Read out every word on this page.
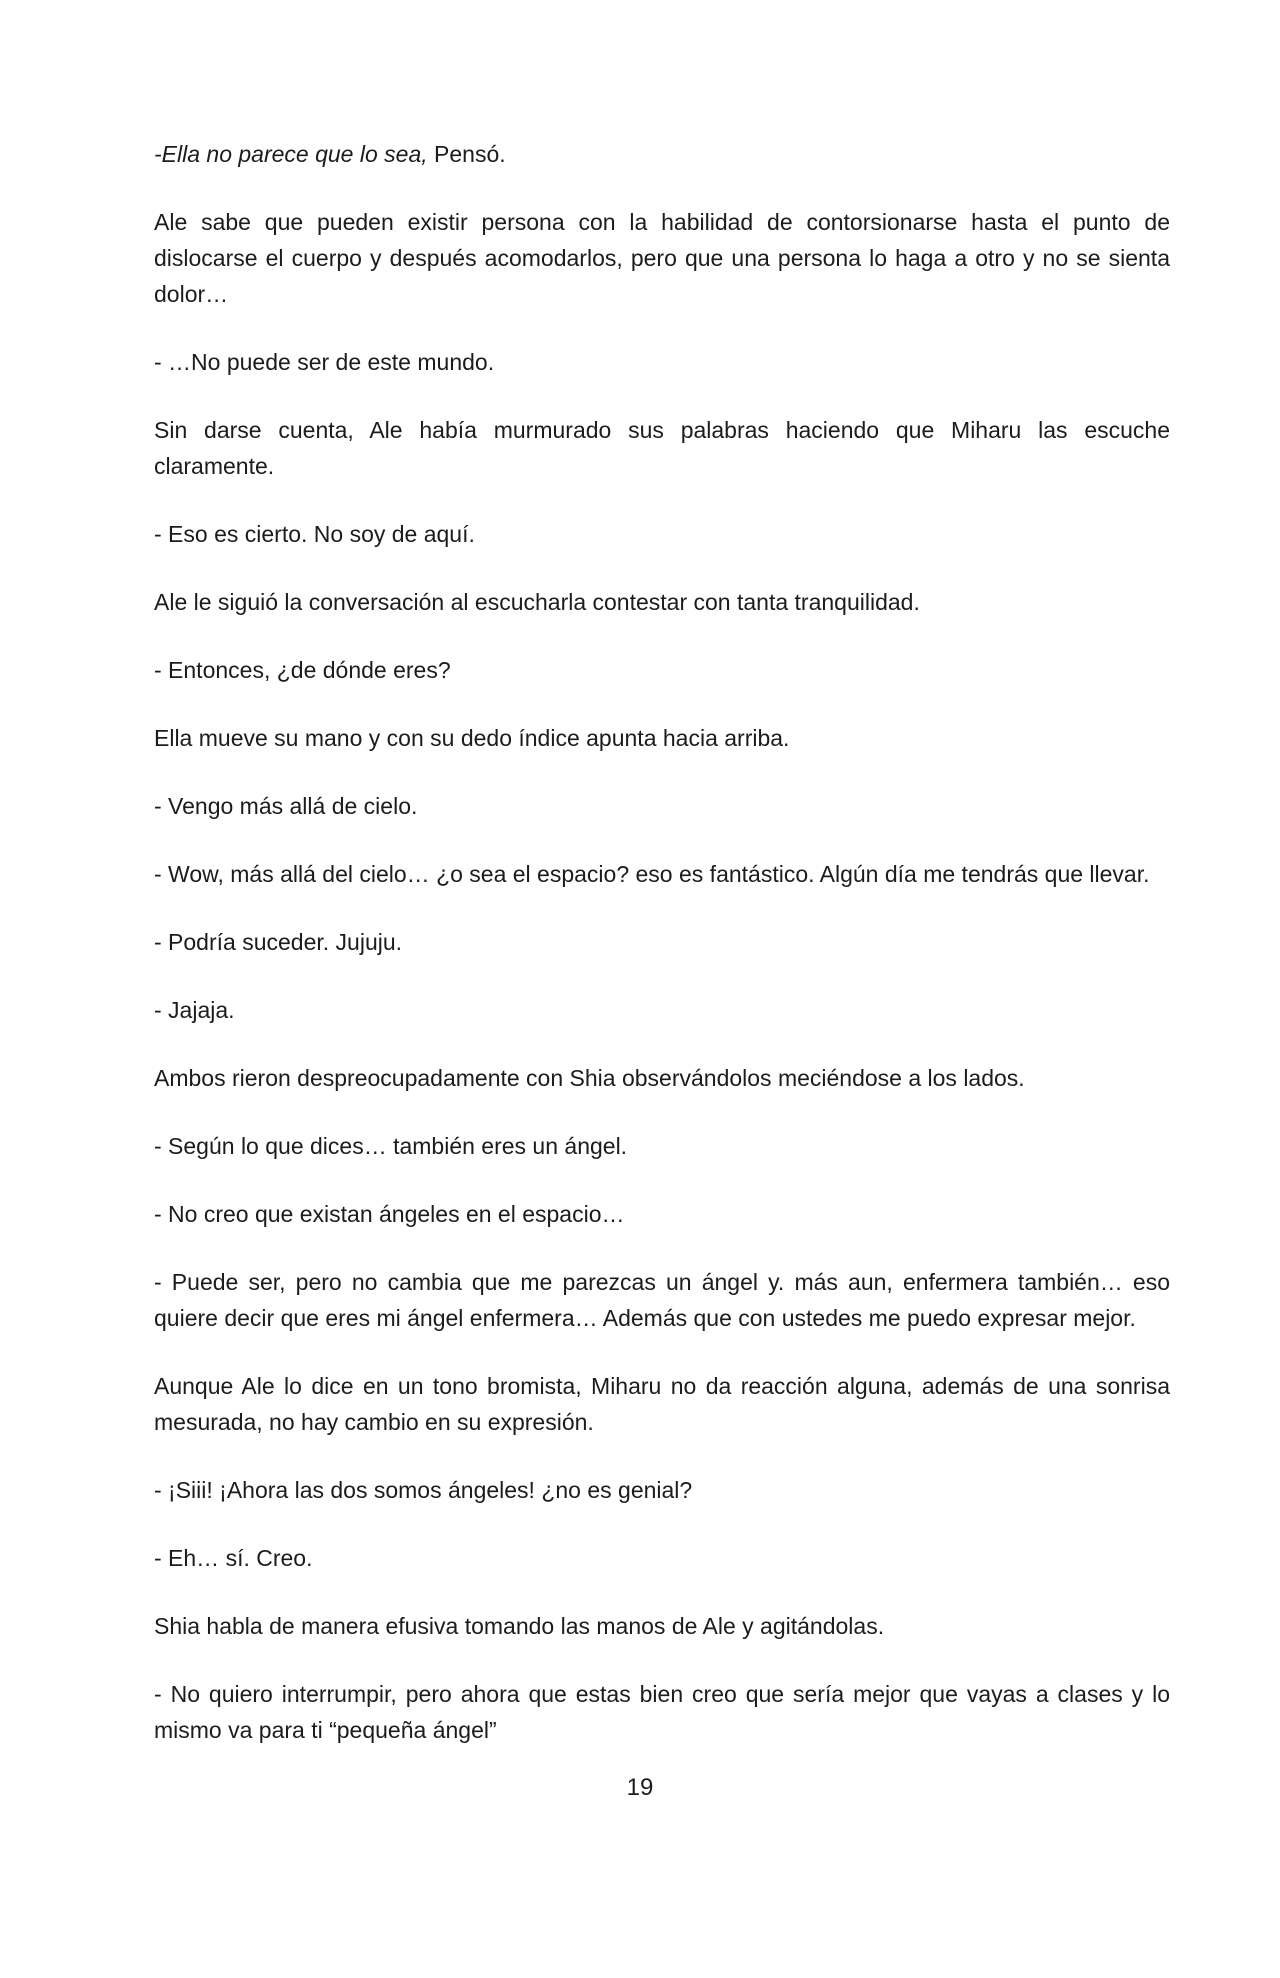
-Ella no parece que lo sea, Pensó.

Ale sabe que pueden existir persona con la habilidad de contorsionarse hasta el punto de dislocarse el cuerpo y después acomodarlos, pero que una persona lo haga a otro y no se sienta dolor…

- …No puede ser de este mundo.

Sin darse cuenta, Ale había murmurado sus palabras haciendo que Miharu las escuche claramente.

- Eso es cierto. No soy de aquí.

Ale le siguió la conversación al escucharla contestar con tanta tranquilidad.

- Entonces, ¿de dónde eres?

Ella mueve su mano y con su dedo índice apunta hacia arriba.

- Vengo más allá de cielo.

- Wow, más allá del cielo… ¿o sea el espacio? eso es fantástico. Algún día me tendrás que llevar.

- Podría suceder. Jujuju.

- Jajaja.

Ambos rieron despreocupadamente con Shia observándolos meciéndose a los lados.

- Según lo que dices… también eres un ángel.

- No creo que existan ángeles en el espacio…

- Puede ser, pero no cambia que me parezcas un ángel y. más aun, enfermera también… eso quiere decir que eres mi ángel enfermera… Además que con ustedes me puedo expresar mejor.

Aunque Ale lo dice en un tono bromista, Miharu no da reacción alguna, además de una sonrisa mesurada, no hay cambio en su expresión.

- ¡Siii! ¡Ahora las dos somos ángeles! ¿no es genial?

- Eh… sí. Creo.

Shia habla de manera efusiva tomando las manos de Ale y agitándolas.

- No quiero interrumpir, pero ahora que estas bien creo que sería mejor que vayas a clases y lo mismo va para ti “pequeña ángel”

19
